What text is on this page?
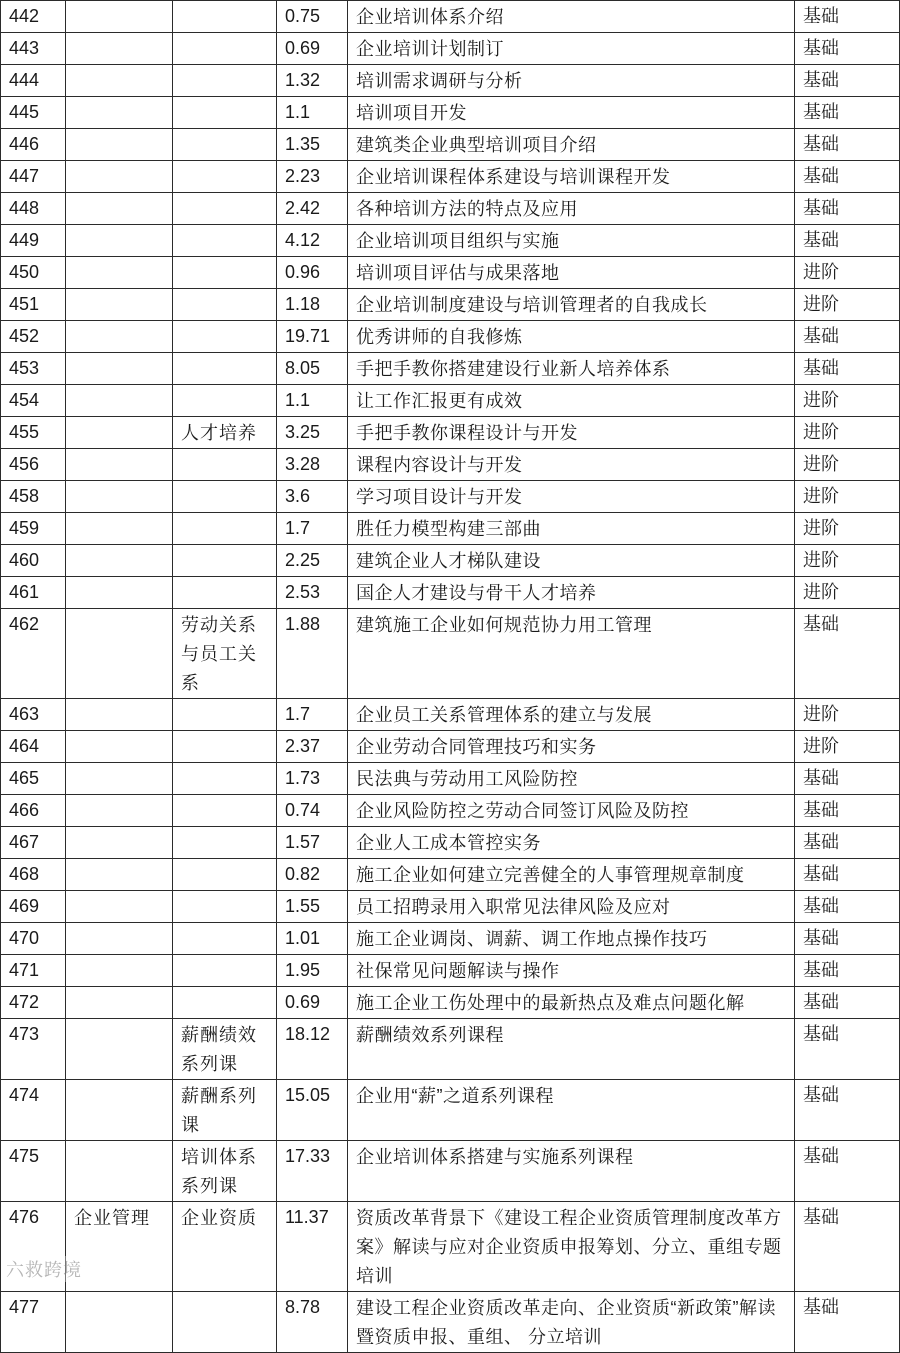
442			0.75	企业培训体系介绍	基础
443			0.69	企业培训计划制订	基础
444			1.32	培训需求调研与分析	基础
445			1.1	培训项目开发	基础
446			1.35	建筑类企业典型培训项目介绍	基础
447			2.23	企业培训课程体系建设与培训课程开发	基础
448			2.42	各种培训方法的特点及应用	基础
449			4.12	企业培训项目组织与实施	基础
450			0.96	培训项目评估与成果落地	进阶
451			1.18	企业培训制度建设与培训管理者的自我成长	进阶
452			19.71	优秀讲师的自我修炼	基础
453			8.05	手把手教你搭建建设行业新人培养体系	基础
454			1.1	让工作汇报更有成效	进阶
455		人才培养	3.25	手把手教你课程设计与开发	进阶
456			3.28	课程内容设计与开发	进阶
458			3.6	学习项目设计与开发	进阶
459			1.7	胜任力模型构建三部曲	进阶
460			2.25	建筑企业人才梯队建设	进阶
461			2.53	国企人才建设与骨干人才培养	进阶
462		劳动关系与员工关系	1.88	建筑施工企业如何规范协力用工管理	基础
463			1.7	企业员工关系管理体系的建立与发展	进阶
464			2.37	企业劳动合同管理技巧和实务	进阶
465			1.73	民法典与劳动用工风险防控	基础
466			0.74	企业风险防控之劳动合同签订风险及防控	基础
467			1.57	企业人工成本管控实务	基础
468			0.82	施工企业如何建立完善健全的人事管理规章制度	基础
469			1.55	员工招聘录用入职常见法律风险及应对	基础
470			1.01	施工企业调岗、调薪、调工作地点操作技巧	基础
471			1.95	社保常见问题解读与操作	基础
472			0.69	施工企业工伤处理中的最新热点及难点问题化解	基础
473		薪酬绩效系列课	18.12	薪酬绩效系列课程	基础
474		薪酬系列课	15.05	企业用“薪”之道系列课程	基础
475		培训体系系列课	17.33	企业培训体系搭建与实施系列课程	基础
476	企业管理	企业资质	11.37	资质改革背景下《建设工程企业资质管理制度改革方案》解读与应对企业资质申报筹划、分立、重组专题培训	基础
477			8.78	建设工程企业资质改革走向、企业资质“新政策”解读暨资质申报、重组、 分立培训	基础
六救跨境
